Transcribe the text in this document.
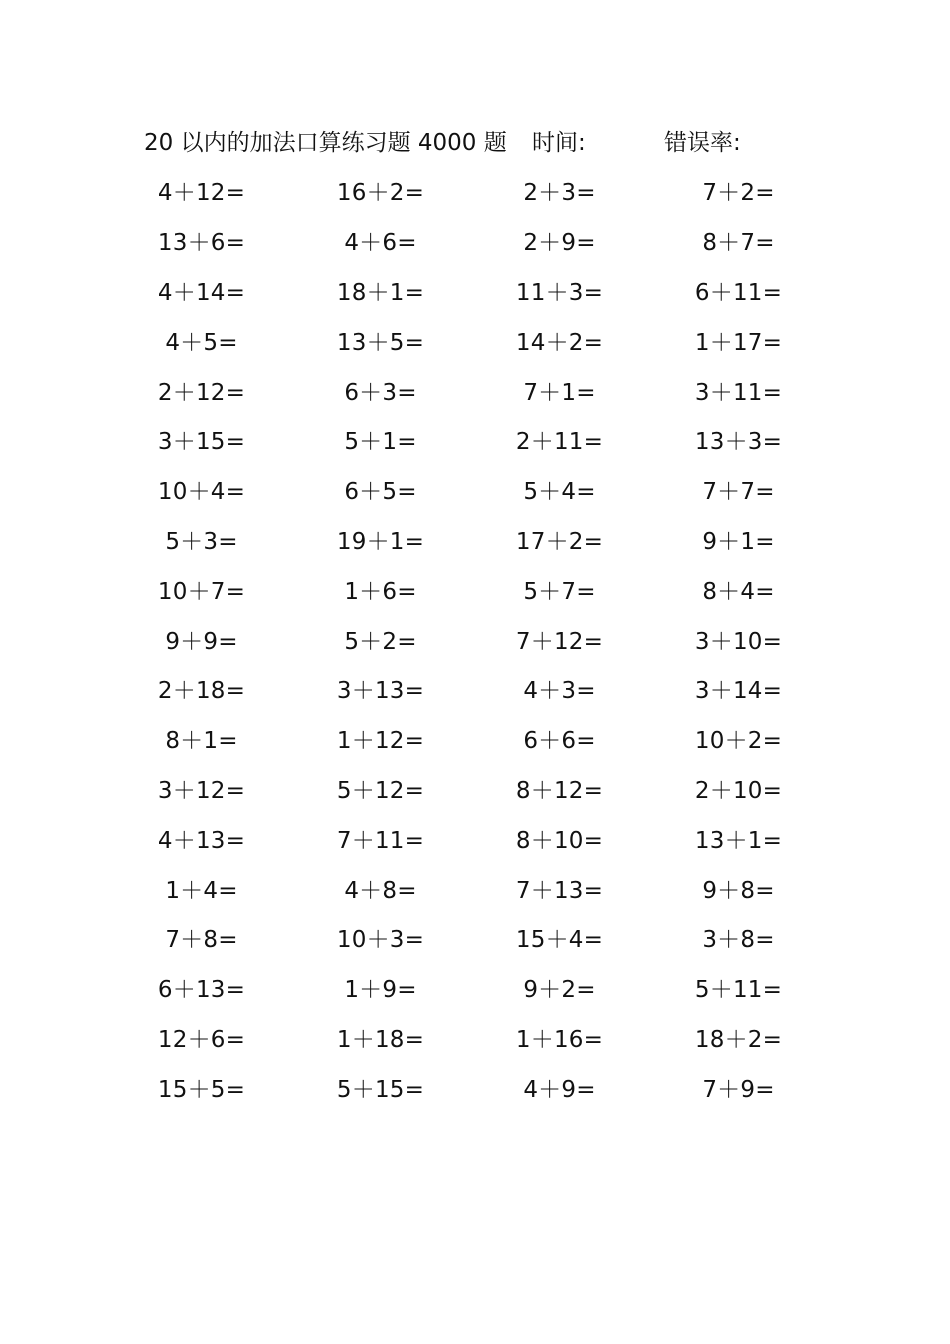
20 以内的加法口算练习题 4000 题 时间:	错误率:
4＋12=	16＋2=	2＋3=	7＋2=
13＋6=	4＋6=	2＋9=	8＋7=
4＋14=	18＋1=	11＋3=	6＋11=
4＋5=	13＋5=	14＋2=	1＋17=
2＋12=	6＋3=	7＋1=	3＋11=
3＋15=	5＋1=	2＋11=	13＋3=
10＋4=	6＋5=	5＋4=	7＋7=
5＋3=	19＋1=	17＋2=	9＋1=
10＋7=	1＋6=	5＋7=	8＋4=
9＋9=	5＋2=	7＋12=	3＋10=
2＋18=	3＋13=	4＋3=	3＋14=
8＋1=	1＋12=	6＋6=	10＋2=
3＋12=	5＋12=	8＋12=	2＋10=
4＋13=	7＋11=	8＋10=	13＋1=
1＋4=	4＋8=	7＋13=	9＋8=
7＋8=	10＋3=	15＋4=	3＋8=
6＋13=	1＋9=	9＋2=	5＋11=
12＋6=	1＋18=	1＋16=	18＋2=
15＋5=	5＋15=	4＋9=	7＋9=
